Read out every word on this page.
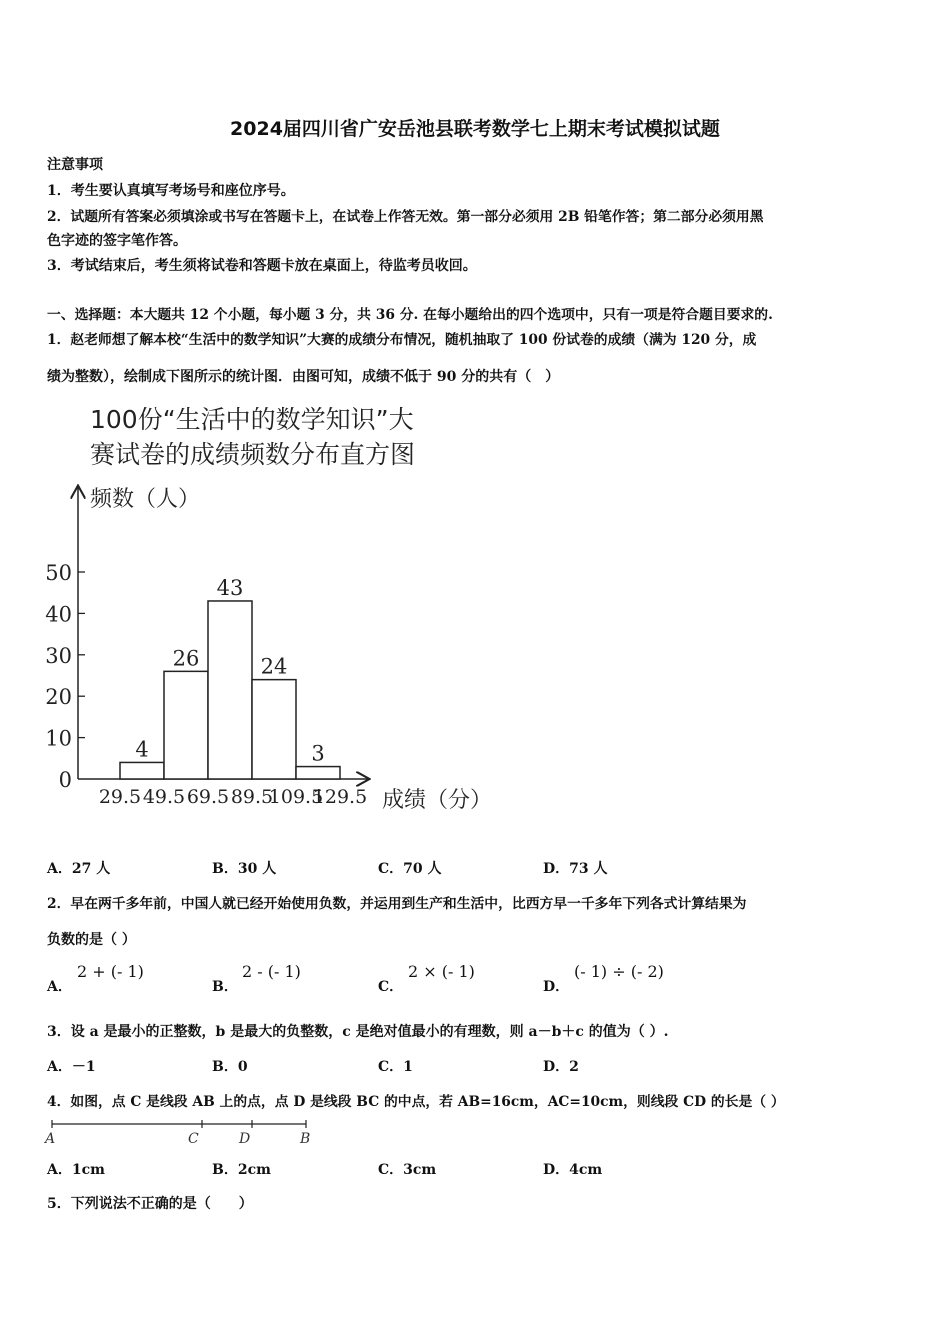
2024届四川省广安岳池县联考数学七上期末考试模拟试题
注意事项
1．考生要认真填写考场号和座位序号。
2．试题所有答案必须填涂或书写在答题卡上，在试卷上作答无效。第一部分必须用 2B 铅笔作答；第二部分必须用黑
色字迹的签字笔作答。
3．考试结束后，考生须将试卷和答题卡放在桌面上，待监考员收回。
一、选择题：本大题共 12 个小题，每小题 3 分，共 36 分. 在每小题给出的四个选项中，只有一项是符合题目要求的.
1．赵老师想了解本校“生活中的数学知识”大赛的成绩分布情况，随机抽取了 100 份试卷的成绩（满为 120 分，成
绩为整数），绘制成下图所示的统计图．由图可知，成绩不低于 90 分的共有（　）
100份“生活中的数学知识”大
赛试卷的成绩频数分布直方图
频数（人）
成绩（分）
0
10
20
30
40
50
4
26
43
24
3
29.5 49.5 69.5 89.5
109.5
129.5
A．27 人	B．30 人	C．70 人	D．73 人
2．早在两千多年前，中国人就已经开始使用负数，并运用到生产和生活中，比西方早一千多年下列各式计算结果为
负数的是（ ）
A．
2 + (- 1)
B．
2 - (- 1)
C．
2 × (- 1)
D．
(- 1) ÷ (- 2)
3．设 a 是最小的正整数，b 是最大的负整数，c 是绝对值最小的有理数，则 a－b＋c 的值为（ ）.
A．－1	B．0	C．1	D．2
4．如图，点 C 是线段 AB 上的点，点 D 是线段 BC 的中点，若 AB=16cm，AC=10cm，则线段 CD 的长是（ ）
A	C	D	B
A．1cm	B．2cm	C．3cm	D．4cm
5．下列说法不正确的是（　　）
